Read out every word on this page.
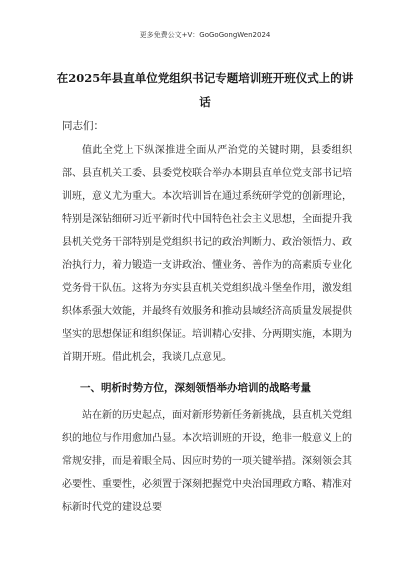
更多免费公文+V：GoGoGongWen2024
在2025年县直单位党组织书记专题培训班开班仪式上的讲话
同志们：

值此全党上下纵深推进全面从严治党的关键时期，县委组织部、县直机关工委、县委党校联合举办本期县直单位党支部书记培训班，意义尤为重大。本次培训旨在通过系统研学党的创新理论，特别是深钻细研习近平新时代中国特色社会主义思想，全面提升我县机关党务干部特别是党组织书记的政治判断力、政治领悟力、政治执行力，着力锻造一支讲政治、懂业务、善作为的高素质专业化党务骨干队伍。这将为夯实县直机关党组织战斗堡垒作用，激发组织体系强大效能，并最终有效服务和推动县域经济高质量发展提供坚实的思想保证和组织保证。培训精心安排、分两期实施，本期为首期开班。借此机会，我谈几点意见。

一、明析时势方位，深刻领悟举办培训的战略考量

站在新的历史起点，面对新形势新任务新挑战，县直机关党组织的地位与作用愈加凸显。本次培训班的开设，绝非一般意义上的常规安排，而是着眼全局、因应时势的一项关键举措。深刻领会其必要性、重要性，必须置于深刻把握党中央治国理政方略、精准对标新时代党的建设总要
